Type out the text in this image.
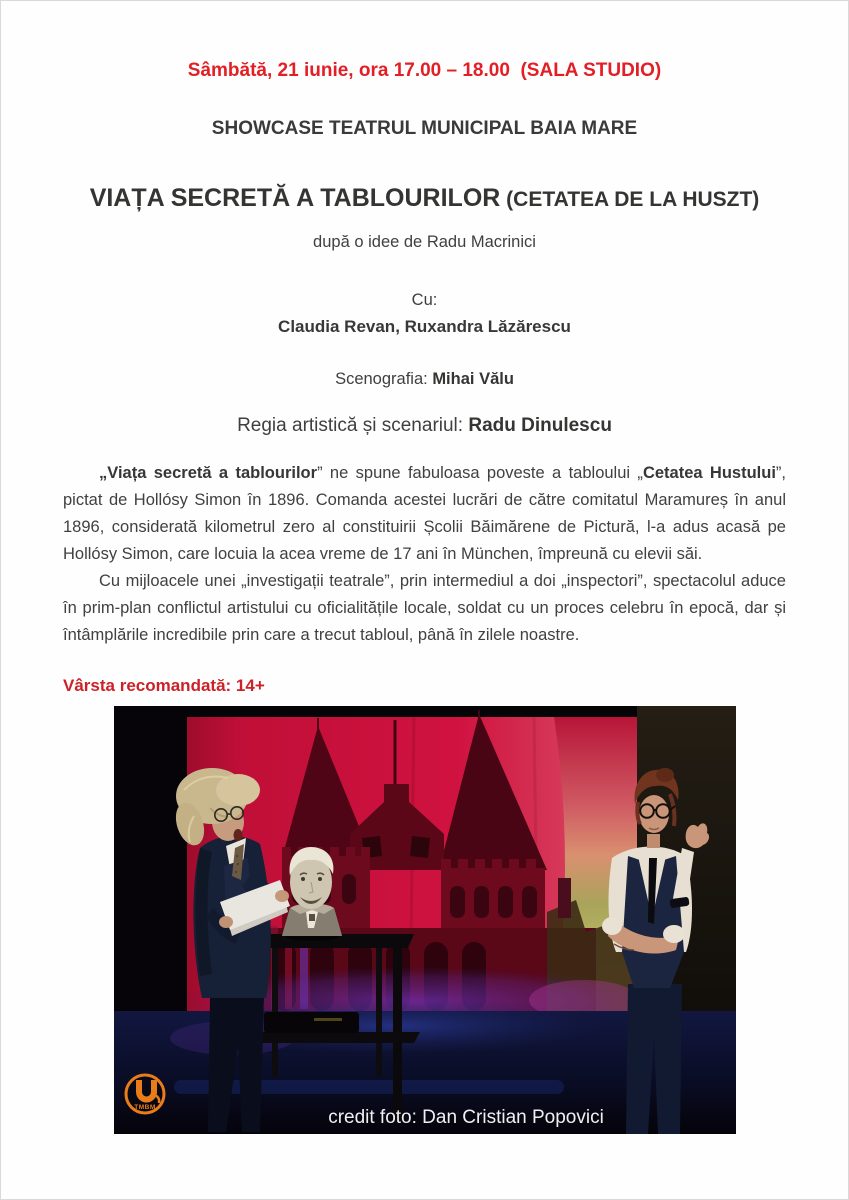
Sâmbătă, 21 iunie, ora 17.00 – 18.00  (SALA STUDIO)
SHOWCASE TEATRUL MUNICIPAL BAIA MARE
VIAȚA SECRETĂ A TABLOURILOR (CETATEA DE LA HUSZT)
după o idee de Radu Macrinici
Cu:
Claudia Revan, Ruxandra Lăzărescu
Scenografia: Mihai Vălu
Regia artistică și scenariul: Radu Dinulescu

„Viața secretă a tablourilor” ne spune fabuloasa poveste a tabloului „Cetatea Hustului”, pictat de Hollósy Simon în 1896. Comanda acestei lucrări de către comitatul Maramureș în anul 1896, considerată kilometrul zero al constituirii Școlii Băimărene de Pictură, l-a adus acasă pe Hollósy Simon, care locuia la acea vreme de 17 ani în München, împreună cu elevii săi.

Cu mijloacele unei „investigații teatrale”, prin intermediul a doi „inspectori”, spectacolul aduce în prim-plan conflictul artistului cu oficialitățile locale, soldat cu un proces celebru în epocă, dar și întâmplările incredibile prin care a trecut tabloul, până în zilele noastre.

Vârsta recomandată: 14+
TMBM	credit foto: Dan Cristian Popovici
